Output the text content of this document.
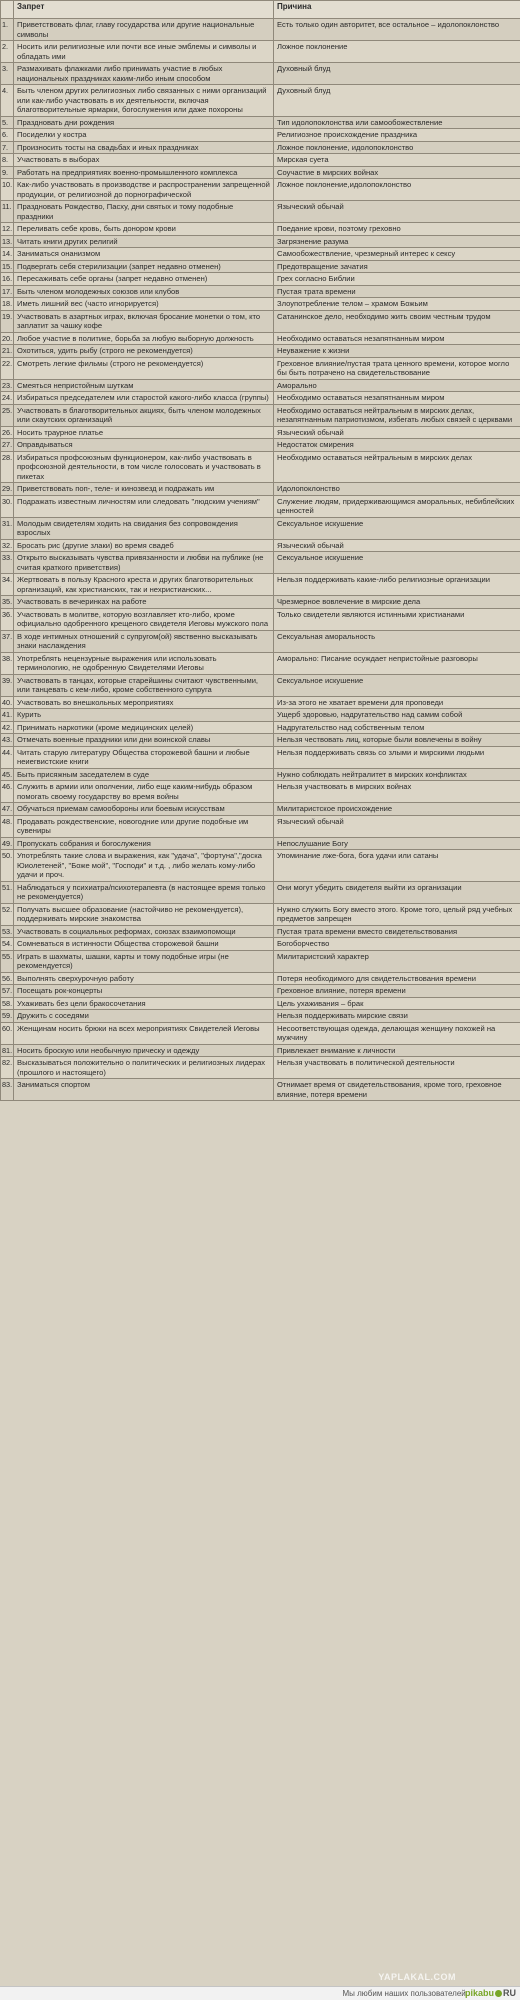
	Запрет	Причина
1.	Приветствовать флаг, главу государства или другие национальные символы	Есть только один авторитет, все остальное – идолопоклонство
2.	Носить или религиозные или почти все иные эмблемы и символы и обладать ими	Ложное поклонение
3.	Размахивать флажками либо принимать участие в любых национальных праздниках каким-либо иным способом	Духовный блуд
4.	Быть членом других религиозных либо связанных с ними организаций или как-либо участвовать в их деятельности, включая благотворительные ярмарки, богослужения или даже похороны	Духовный блуд
5.	Праздновать дни рождения	Тип идолопоклонства или самообожествление
6.	Посиделки у костра	Религиозное происхождение праздника
7.	Произносить тосты на свадьбах и иных праздниках	Ложное поклонение, идолопоклонство
8.	Участвовать в выборах	Мирская суета
9.	Работать на предприятиях военно-промышленного комплекса	Соучастие в мирских войнах
10.	Как-либо участвовать в производстве и распространении запрещенной продукции, от религиозной до порнографической	Ложное поклонение,идолопоклонство
11.	Праздновать Рождество, Пасху, дни святых и тому подобные праздники	Языческий обычай
12.	Переливать себе кровь, быть донором крови	Поедание крови, поэтому греховно
13.	Читать книги других религий	Загрязнение разума
14.	Заниматься онанизмом	Самообожествление, чрезмерный интерес к сексу
15.	Подвергать себя стерилизации (запрет недавно отменен)	Предотвращение зачатия
16.	Пересаживать себе органы (запрет недавно отменен)	Грех согласно Библии
17.	Быть членом молодежных союзов или клубов	Пустая трата времени
18.	Иметь лишний вес (часто игнорируется)	Злоупотребление телом – храмом Божьим
19.	Участвовать в азартных играх, включая бросание монетки о том, кто заплатит за чашку кофе	Сатанинское дело, необходимо жить своим честным трудом
20.	Любое участие в политике, борьба за любую выборную должность	Необходимо оставаться незапятнанным миром
21.	Охотиться, удить рыбу (строго не рекомендуется)	Неуважение к жизни
22.	Смотреть легкие фильмы (строго не рекомендуется)	Греховное влияние/пустая трата ценного времени, которое могло бы быть потрачено на свидетельствование
23.	Смеяться непристойным шуткам	Аморально
24.	Избираться председателем или старостой какого-либо класса (группы)	Необходимо оставаться незапятнанным миром
25.	Участвовать в благотворительных акциях, быть членом молодежных или скаутских организаций	Необходимо оставаться нейтральным в мирских делах, незапятнанным патриотизмом, избегать любых связей с церквами
26.	Носить траурное платье	Языческий обычай
27.	Оправдываться	Недостаток смирения
28.	Избираться профсоюзным функционером, как-либо участвовать в профсоюзной деятельности, в том числе голосовать и участвовать в пикетах	Необходимо оставаться нейтральным в мирских делах
29.	Приветствовать поп-, теле- и кинозвезд и подражать им	Идолопоклонство
30.	Подражать известным личностям или следовать "людским учениям"	Служение людям, придерживающимся аморальных, небиблейских ценностей
31.	Молодым свидетелям ходить на свидания без сопровождения взрослых	Сексуальное искушение
32.	Бросать рис (другие злаки) во время свадеб	Языческий обычай
33.	Открыто высказывать чувства привязанности и любви на публике (не считая краткого приветствия)	Сексуальное искушение
34.	Жертвовать в пользу Красного креста и других благотворительных организаций, как христианских, так и нехристианских...	Нельзя поддерживать какие-либо религиозные организации
35.	Участвовать в вечеринках на работе	Чрезмерное вовлечение в мирские дела
36.	Участвовать в молитве, которую возглавляет кто-либо, кроме официально одобренного крещеного свидетеля Иеговы мужского пола	Только свидетели являются истинными христианами
37.	В ходе интимных отношений с супругом(ой) явственно высказывать знаки наслаждения	Сексуальная аморальность
38.	Употреблять нецензурные выражения или использовать терминологию, не одобренную Свидетелями Иеговы	Аморально: Писание осуждает непристойные разговоры
39.	Участвовать в танцах, которые старейшины считают чувственными, или танцевать с кем-либо, кроме собственного супруга	Сексуальное искушение
40.	Участвовать во внешкольных мероприятиях	Из-за этого не хватает времени для проповеди
41.	Курить	Ущерб здоровью, надругательство над самим собой
42.	Принимать наркотики (кроме медицинских целей)	Надругательство над собственным телом
43.	Отмечать военные праздники или дни воинской славы	Нельзя чествовать лиц, которые были вовлечены в войну
44.	Читать старую литературу Общества сторожевой башни и любые неиегвистские книги	Нельзя поддерживать связь со злыми и мирскими людьми
45.	Быть присяжным заседателем в суде	Нужно соблюдать нейтралитет в мирских конфликтах
46.	Служить в армии или ополчении, либо еще каким-нибудь образом помогать своему государству во время войны	Нельзя участвовать в мирских войнах
47.	Обучаться приемам самообороны или боевым искусствам	Милитаристское происхождение
48.	Продавать рождественские, новогодние или другие подобные им сувениры	Языческий обычай
49.	Пропускать собрания и богослужения	Непослушание Богу
50.	Употреблять такие слова и выражения, как "удача", "фортуна","доска Юиолетеней", "Боже мой", "Господи" и т.д. , либо желать кому-либо удачи и проч.	Упоминание лже-бога, бога удачи или сатаны
51.	Наблюдаться у психиатра/психотерапевта (в настоящее время только не рекомендуется)	Они могут убедить свидетеля выйти из организации
52.	Получать высшее образование (настойчиво не рекомендуется), поддерживать мирские знакомства	Нужно служить Богу вместо этого. Кроме того, целый ряд учебных предметов запрещен
53.	Участвовать в социальных реформах, союзах взаимопомощи	Пустая трата времени вместо свидетельствования
54.	Сомневаться в истинности Общества сторожевой башни	Богоборчество
55.	Играть в шахматы, шашки, карты и тому подобные игры (не рекомендуется)	Милитаристский характер
56.	Выполнять сверхурочную работу	Потеря необходимого для свидетельствования времени
57.	Посещать рок-концерты	Греховное влияние, потеря времени
58.	Ухаживать без цели бракосочетания	Цель ухаживания – брак
59.	Дружить с соседями	Нельзя поддерживать мирские связи
60.	Женщинам носить брюки на всех мероприятиях Свидетелей Иеговы	Несоответствующая одежда, делающая женщину похожей на мужчину
81.	Носить броскую или необычную прическу и одежду	Привлекает внимание к личности
82.	Высказываться положительно о политических и религиозных лидерах (прошлого и настоящего)	Нельзя участвовать в политической деятельности
83.	Заниматься спортом	Отнимает время от свидетельствования, кроме того, греховное влияние, потеря времени
YAPLAKAL.COM
Мы любим наших пользователей.
pikabu RU
